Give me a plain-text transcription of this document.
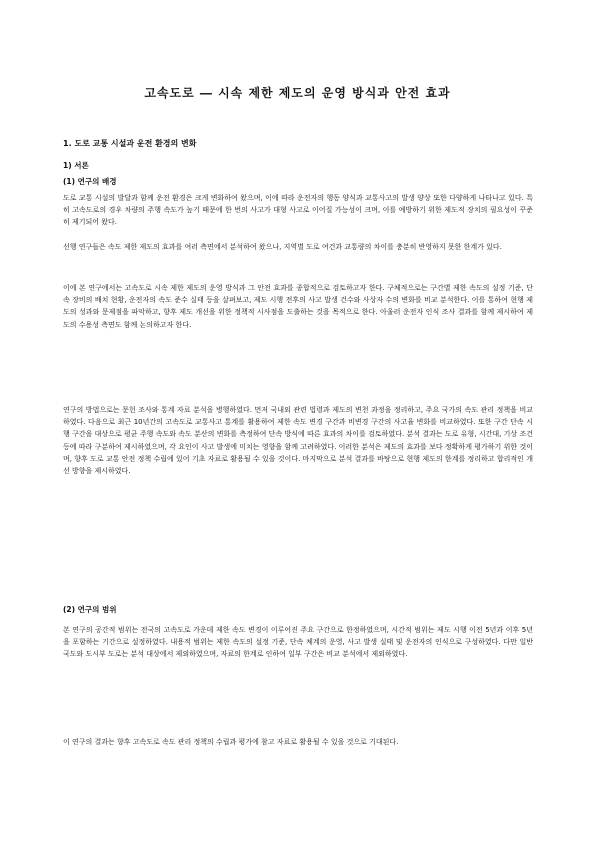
고속도로 ― 시속 제한 제도의 운영 방식과 안전 효과
1. 도로 교통 시설과 운전 환경의 변화
1) 서론
(1) 연구의 배경

도로 교통 시설의 발달과 함께 운전 환경은 크게 변화하여 왔으며, 이에 따라 운전자의 행동 양식과 교통사고의 발생 양상 또한 다양하게 나타나고 있다. 특히 고속도로의 경우 차량의 주행 속도가 높기 때문에 한 번의 사고가 대형 사고로 이어질 가능성이 크며, 이를 예방하기 위한 제도적 장치의 필요성이 꾸준히 제기되어 왔다.

선행 연구들은 속도 제한 제도의 효과를 여러 측면에서 분석하여 왔으나, 지역별 도로 여건과 교통량의 차이를 충분히 반영하지 못한 한계가 있다.

이에 본 연구에서는 고속도로 시속 제한 제도의 운영 방식과 그 안전 효과를 종합적으로 검토하고자 한다. 구체적으로는 구간별 제한 속도의 설정 기준, 단속 장비의 배치 현황, 운전자의 속도 준수 실태 등을 살펴보고, 제도 시행 전후의 사고 발생 건수와 사상자 수의 변화를 비교 분석한다. 이를 통하여 현행 제도의 성과와 문제점을 파악하고, 향후 제도 개선을 위한 정책적 시사점을 도출하는 것을 목적으로 한다. 아울러 운전자 인식 조사 결과를 함께 제시하여 제도의 수용성 측면도 함께 논의하고자 한다.

연구의 방법으로는 문헌 조사와 통계 자료 분석을 병행하였다. 먼저 국내외 관련 법령과 제도의 변천 과정을 정리하고, 주요 국가의 속도 관리 정책을 비교하였다. 다음으로 최근 10년간의 고속도로 교통사고 통계를 활용하여 제한 속도 변경 구간과 비변경 구간의 사고율 변화를 비교하였다. 또한 구간 단속 시행 구간을 대상으로 평균 주행 속도와 속도 분산의 변화를 측정하여 단속 방식에 따른 효과의 차이를 검토하였다. 분석 결과는 도로 유형, 시간대, 기상 조건 등에 따라 구분하여 제시하였으며, 각 요인이 사고 발생에 미치는 영향을 함께 고려하였다. 이러한 분석은 제도의 효과를 보다 정확하게 평가하기 위한 것이며, 향후 도로 교통 안전 정책 수립에 있어 기초 자료로 활용될 수 있을 것이다. 마지막으로 분석 결과를 바탕으로 현행 제도의 한계를 정리하고 합리적인 개선 방향을 제시하였다.

(2) 연구의 범위

본 연구의 공간적 범위는 전국의 고속도로 가운데 제한 속도 변경이 이루어진 주요 구간으로 한정하였으며, 시간적 범위는 제도 시행 이전 5년과 이후 5년을 포함하는 기간으로 설정하였다. 내용적 범위는 제한 속도의 설정 기준, 단속 체계의 운영, 사고 발생 실태 및 운전자의 인식으로 구성하였다. 다만 일반 국도와 도시부 도로는 분석 대상에서 제외하였으며, 자료의 한계로 인하여 일부 구간은 비교 분석에서 제외하였다.

이 연구의 결과는 향후 고속도로 속도 관리 정책의 수립과 평가에 참고 자료로 활용될 수 있을 것으로 기대된다.
